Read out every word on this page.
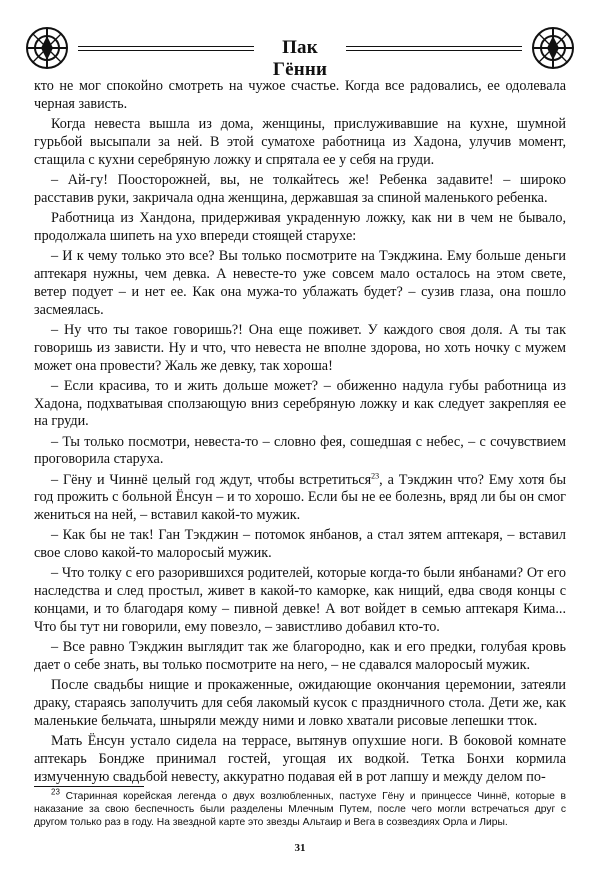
Пак Гённи

кто не мог спокойно смотреть на чужое счастье. Когда все радовались, ее одолевала черная зависть.

Когда невеста вышла из дома, женщины, прислуживавшие на кухне, шумной гурьбой высыпали за ней. В этой суматохе работница из Хадона, улучив момент, стащила с кухни серебряную ложку и спрятала ее у себя на груди.

– Ай-гу! Поосторожней, вы, не толкайтесь же! Ребенка задавите! – широко расставив руки, закричала одна женщина, державшая за спиной маленького ребенка.

Работница из Хандона, придерживая украденную ложку, как ни в чем не бывало, продолжала шипеть на ухо впереди стоящей старухе:

– И к чему только это все? Вы только посмотрите на Тэкджина. Ему больше деньги аптекаря нужны, чем девка. А невесте-то уже совсем мало осталось на этом свете, ветер подует – и нет ее. Как она мужа-то ублажать будет? – сузив глаза, она пошло засмеялась.

– Ну что ты такое говоришь?! Она еще поживет. У каждого своя доля. А ты так говоришь из зависти. Ну и что, что невеста не вполне здорова, но хоть ночку с мужем может она провести? Жаль же девку, так хороша!

– Если красива, то и жить дольше может? – обиженно надула губы работница из Хадона, подхватывая сползающую вниз серебряную ложку и как следует закрепляя ее на груди.

– Ты только посмотри, невеста-то – словно фея, сошедшая с небес, – с сочувствием проговорила старуха.

– Гёну и Чиннё целый год ждут, чтобы встретиться$^{23}$, а Тэкджин что? Ему хотя бы год прожить с больной Ёнсун – и то хорошо. Если бы не ее болезнь, вряд ли бы он смог жениться на ней, – вставил какой-то мужик.

– Как бы не так! Ган Тэкджин – потомок янбанов, а стал зятем аптекаря, – вставил свое слово какой-то малоросый мужик.

– Что толку с его разорившихся родителей, которые когда-то были янбанами? От его наследства и след простыл, живет в какой-то каморке, как нищий, едва сводя концы с концами, и то благодаря кому – пивной девке! А вот войдет в семью аптекаря Кима... Что бы тут ни говорили, ему повезло, – завистливо добавил кто-то.

– Все равно Тэкджин выглядит так же благородно, как и его предки, голубая кровь дает о себе знать, вы только посмотрите на него, – не сдавался малоросый мужик.

После свадьбы нищие и прокаженные, ожидающие окончания церемонии, затеяли драку, стараясь заполучить для себя лакомый кусок с праздничного стола. Дети же, как маленькие бельчата, шныряли между ними и ловко хватали рисовые лепешки тток.

Мать Ёнсун устало сидела на террасе, вытянув опухшие ноги. В боковой комнате аптекарь Бондже принимал гостей, угощая их водкой. Тетка Бонхи кормила измученную свадьбой невесту, аккуратно подавая ей в рот лапшу и между делом по-

$^{23}$ Старинная корейская легенда о двух возлюбленных, пастухе Гёну и принцессе Чиннё, которые в наказание за свою беспечность были разделены Млечным Путем, после чего могли встречаться друг с другом только раз в году. На звездной карте это звезды Альтаир и Вега в созвездиях Орла и Лиры.
31
